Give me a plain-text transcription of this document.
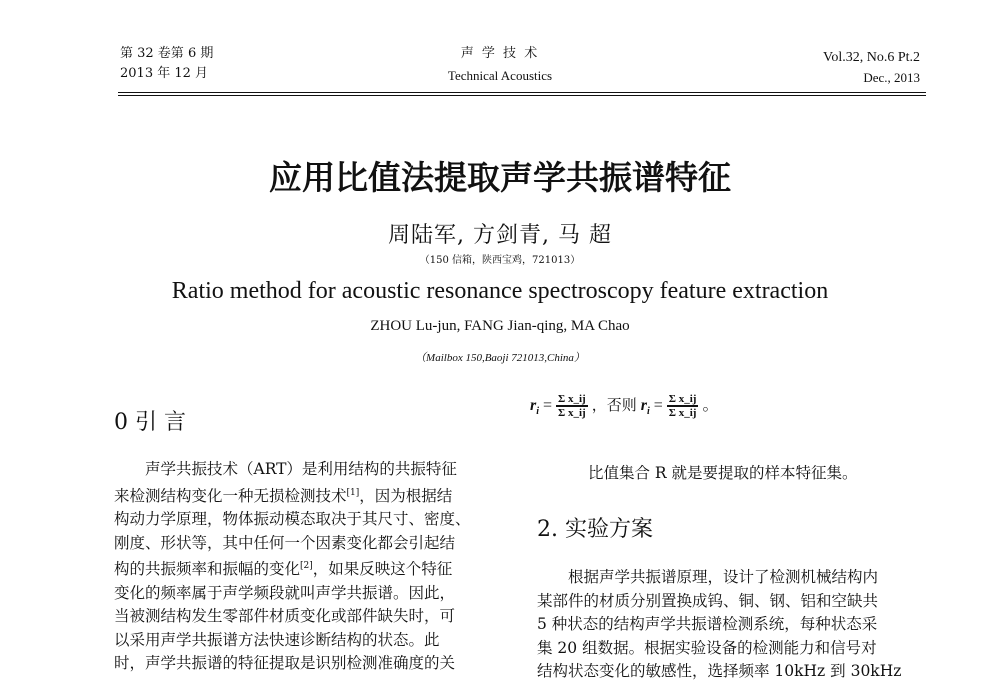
第 32 卷第 6 期
2013 年 12 月
声 学 技 术
Technical Acoustics
Vol.32, No.6 Pt.2
Dec., 2013
应用比值法提取声学共振谱特征
周陆军, 方剑青, 马 超
（150 信箱，陕西宝鸡，721013）
Ratio method for acoustic resonance spectroscopy feature extraction
ZHOU Lu-jun, FANG Jian-qing, MA Chao
（Mailbox 150,Baoji 721013,China）
0 引 言
声学共振技术（ART）是利用结构的共振特征
来检测结构变化一种无损检测技术[1]，因为根据结
构动力学原理，物体振动模态取决于其尺寸、密度、
刚度、形状等，其中任何一个因素变化都会引起结
构的共振频率和振幅的变化[2]，如果反映这个特征
变化的频率属于声学频段就叫声学共振谱。因此，
当被测结构发生零部件材质变化或部件缺失时，可
以采用声学共振谱方法快速诊断结构的状态。此
时，声学共振谱的特征提取是识别检测准确度的关
$r_i = \frac{\text{Σ x\_ij}}{\text{Σ x\_ij}}$ ，否则 $r_i = \frac{\text{Σ x\_ij}}{\text{Σ x\_ij}}$ 。
比值集合 R 就是要提取的样本特征集。
2. 实验方案
根据声学共振谱原理，设计了检测机械结构内
某部件的材质分别置换成钨、铜、钢、铝和空缺共
5 种状态的结构声学共振谱检测系统，每种状态采
集 20 组数据。根据实验设备的检测能力和信号对
结构状态变化的敏感性，选择频率 10kHz 到 30kHz
